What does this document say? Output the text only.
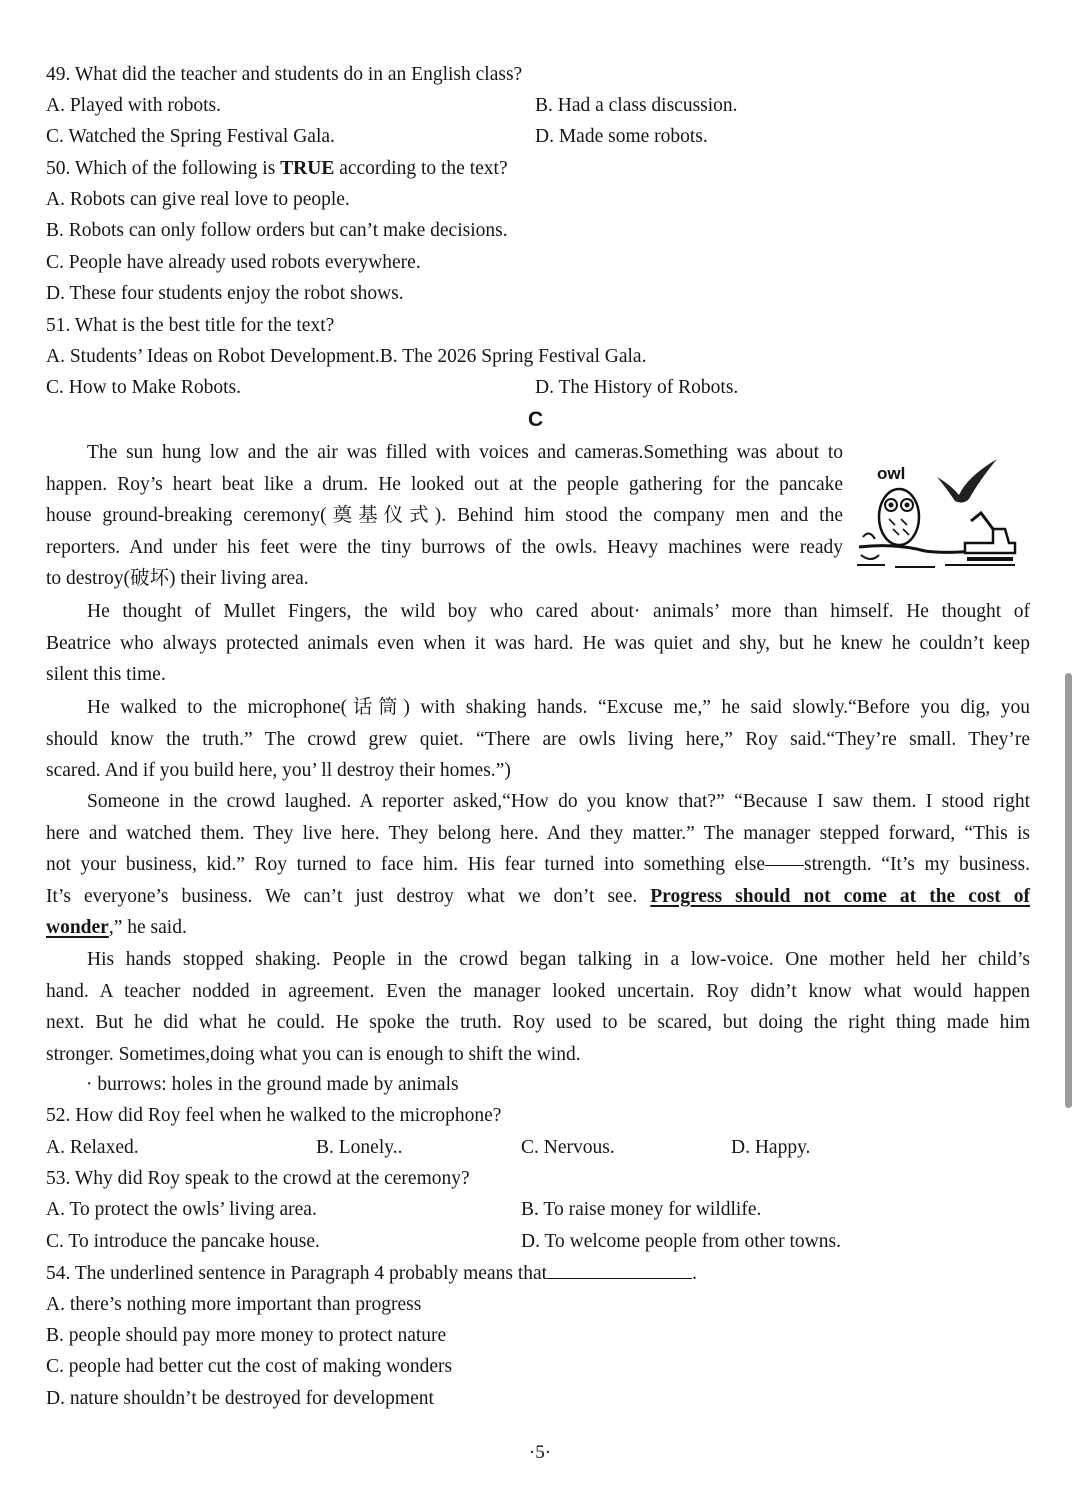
49. What did the teacher and students do in an English class?
A. Played with robots.	B. Had a class discussion.
C. Watched the Spring Festival Gala.	D. Made some robots.
50. Which of the following is TRUE according to the text?
A. Robots can give real love to people.
B. Robots can only follow orders but can’t make decisions.
C. People have already used robots everywhere.
D. These four students enjoy the robot shows.
51. What is the best title for the text?
A. Students’ Ideas on Robot Development.B. The 2026 Spring Festival Gala.
C. How to Make Robots.	D. The History of Robots.
C
The sun hung low and the air was filled with voices and cameras.Something was about to
happen. Roy’s heart beat like a drum. He looked out at the people gathering for the pancake
house ground-breaking ceremony(奠基仪式). Behind him stood the company men and the
reporters. And under his feet were the tiny burrows of the owls. Heavy machines were ready
to destroy(破坏) their living area.
owl
He thought of Mullet Fingers, the wild boy who cared about· animals’ more than himself. He thought of
Beatrice who always protected animals even when it was hard. He was quiet and shy, but he knew he couldn’t keep
silent this time.
He walked to the microphone(话筒) with shaking hands. “Excuse me,” he said slowly.“Before you dig, you
should know the truth.” The crowd grew quiet. “There are owls living here,” Roy said.“They’re small. They’re
scared. And if you build here, you’ ll destroy their homes.”)
Someone in the crowd laughed. A reporter asked,“How do you know that?” “Because I saw them. I stood right
here and watched them. They live here. They belong here. And they matter.” The manager stepped forward, “This is
not your business, kid.” Roy turned to face him. His fear turned into something else——strength. “It’s my business.
It’s everyone’s business. We can’t just destroy what we don’t see. Progress should not come at the cost of
wonder,” he said.
His hands stopped shaking. People in the crowd began talking in a low-voice. One mother held her child’s
hand. A teacher nodded in agreement. Even the manager looked uncertain. Roy didn’t know what would happen
next. But he did what he could. He spoke the truth. Roy used to be scared, but doing the right thing made him
stronger. Sometimes,doing what you can is enough to shift the wind.
· burrows: holes in the ground made by animals
52. How did Roy feel when he walked to the microphone?
A. Relaxed.	B. Lonely..	C. Nervous.	D. Happy.
53. Why did Roy speak to the crowd at the ceremony?
A. To protect the owls’ living area.	B. To raise money for wildlife.
C. To introduce the pancake house.	D. To welcome people from other towns.
54. The underlined sentence in Paragraph 4 probably means that	.
A. there’s nothing more important than progress
B. people should pay more money to protect nature
C. people had better cut the cost of making wonders
D. nature shouldn’t be destroyed for development
·5·
